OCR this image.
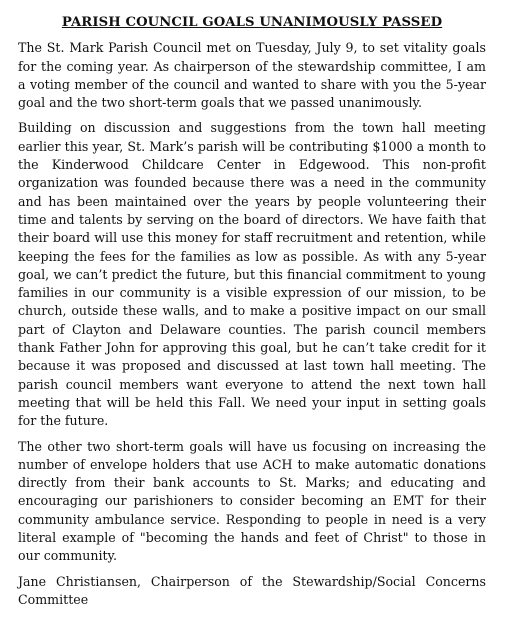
PARISH COUNCIL GOALS UNANIMOUSLY PASSED

The St. Mark Parish Council met on Tuesday, July 9, to set vitality goals for the coming year. As chairperson of the stewardship committee, I am a voting member of the council and wanted to share with you the 5-year goal and the two short-term goals that we passed unanimously.

Building on discussion and suggestions from the town hall meeting earlier this year, St. Mark’s parish will be contributing $1000 a month to the Kinderwood Childcare Center in Edgewood. This non-profit organization was founded because there was a need in the community and has been maintained over the years by people volunteering their time and talents by serving on the board of directors. We have faith that their board will use this money for staff recruitment and retention, while keeping the fees for the families as low as possible. As with any 5-year goal, we can’t predict the future, but this financial commitment to young families in our community is a visible expression of our mission, to be church, outside these walls, and to make a positive impact on our small part of Clayton and Delaware counties. The parish council members thank Father John for approving this goal, but he can’t take credit for it because it was proposed and discussed at last town hall meeting. The parish council members want everyone to attend the next town hall meeting that will be held this Fall. We need your input in setting goals for the future.

The other two short-term goals will have us focusing on increasing the number of envelope holders that use ACH to make automatic donations directly from their bank accounts to St. Marks; and educating and encouraging our parishioners to consider becoming an EMT for their community ambulance service. Responding to people in need is a very literal example of "becoming the hands and feet of Christ" to those in our community.

Jane Christiansen, Chairperson of the Stewardship/Social Concerns Committee
